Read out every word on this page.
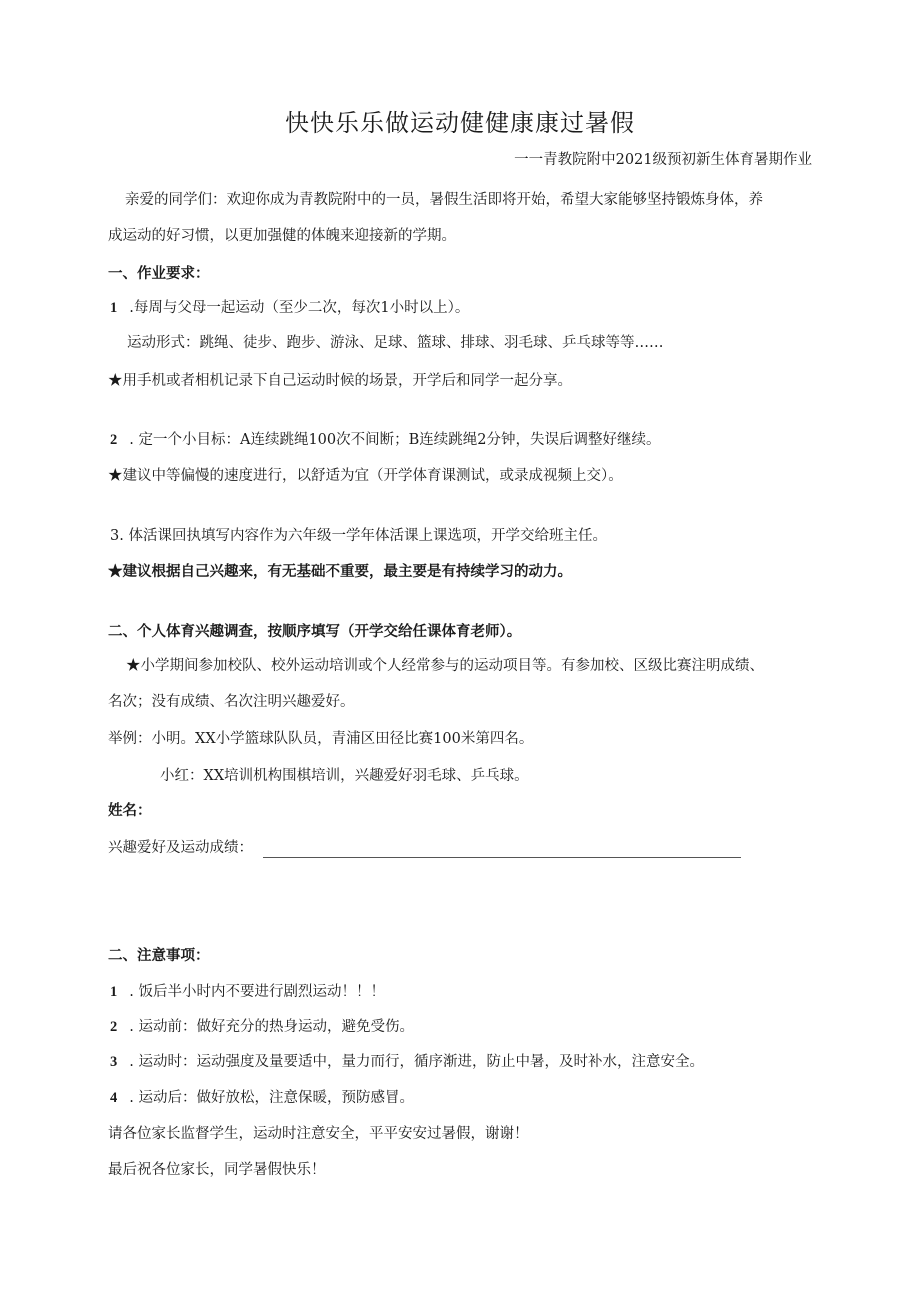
快快乐乐做运动健健康康过暑假
一一青教院附中2021级预初新生体育暑期作业
亲爱的同学们：欢迎你成为青教院附中的一员，暑假生活即将开始，希望大家能够坚持锻炼身体，养
成运动的好习惯，以更加强健的体魄来迎接新的学期。
一、作业要求：
1 .每周与父母一起运动（至少二次，每次1小时以上）。
运动形式：跳绳、徒步、跑步、游泳、足球、篮球、排球、羽毛球、乒乓球等等……
★用手机或者相机记录下自己运动时候的场景，开学后和同学一起分享。
2 . 定一个小目标：A连续跳绳100次不间断；B连续跳绳2分钟，失误后调整好继续。
★建议中等偏慢的速度进行，以舒适为宜（开学体育课测试，或录成视频上交）。
3. 体活课回执填写内容作为六年级一学年体活课上课选项，开学交给班主任。
★建议根据自己兴趣来，有无基础不重要，最主要是有持续学习的动力。
二、个人体育兴趣调查，按顺序填写（开学交给任课体育老师）。
★小学期间参加校队、校外运动培训或个人经常参与的运动项目等。有参加校、区级比赛注明成绩、
名次；没有成绩、名次注明兴趣爱好。
举例：小明。XX小学篮球队队员，青浦区田径比赛100米第四名。
小红：XX培训机构围棋培训，兴趣爱好羽毛球、乒乓球。
姓名：
兴趣爱好及运动成绩：
二、注意事项：
1 . 饭后半小时内不要进行剧烈运动！！！
2 . 运动前：做好充分的热身运动，避免受伤。
3 . 运动时：运动强度及量要适中，量力而行，循序渐进，防止中暑，及时补水，注意安全。
4 . 运动后：做好放松，注意保暖，预防感冒。
请各位家长监督学生，运动时注意安全，平平安安过暑假，谢谢！
最后祝各位家长，同学暑假快乐！
